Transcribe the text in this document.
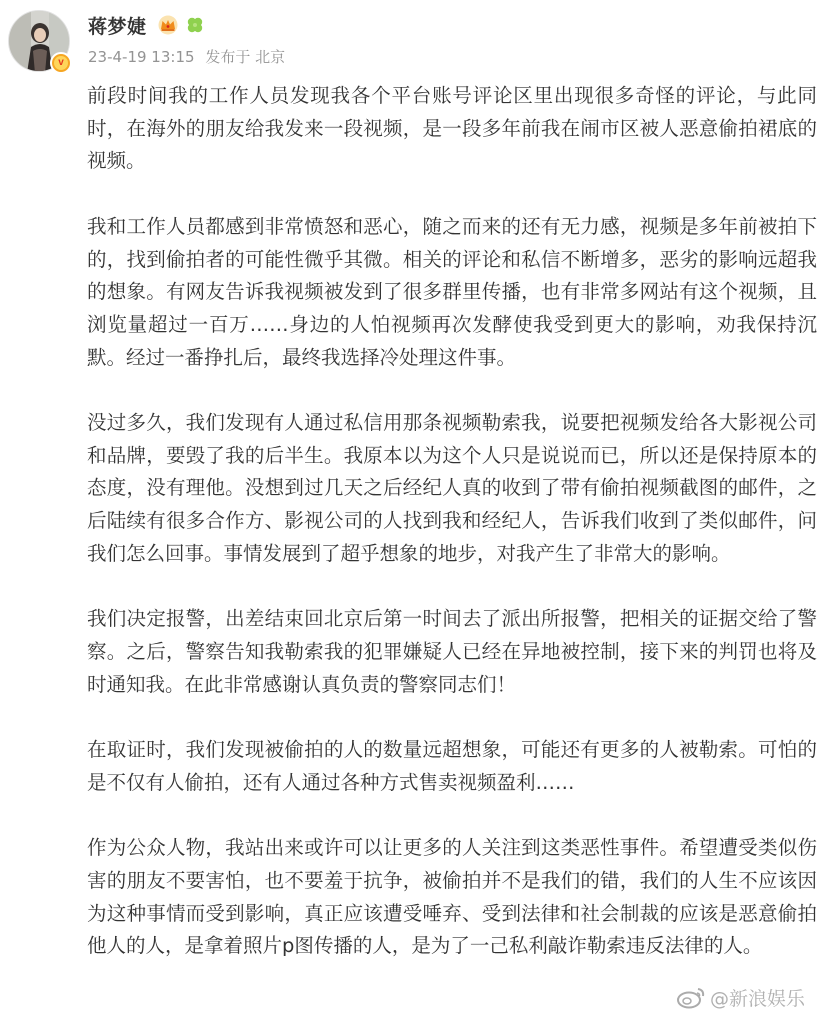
v
蒋梦婕
23-4-19 13:15 发布于 北京

前段时间我的工作人员发现我各个平台账号评论区里出现很多奇怪的评论，与此同时，在海外的朋友给我发来一段视频，是一段多年前我在闹市区被人恶意偷拍裙底的视频。

我和工作人员都感到非常愤怒和恶心，随之而来的还有无力感，视频是多年前被拍下的，找到偷拍者的可能性微乎其微。相关的评论和私信不断增多，恶劣的影响远超我的想象。有网友告诉我视频被发到了很多群里传播，也有非常多网站有这个视频，且浏览量超过一百万……身边的人怕视频再次发酵使我受到更大的影响，劝我保持沉默。经过一番挣扎后，最终我选择冷处理这件事。

没过多久，我们发现有人通过私信用那条视频勒索我，说要把视频发给各大影视公司和品牌，要毁了我的后半生。我原本以为这个人只是说说而已，所以还是保持原本的态度，没有理他。没想到过几天之后经纪人真的收到了带有偷拍视频截图的邮件，之后陆续有很多合作方、影视公司的人找到我和经纪人，告诉我们收到了类似邮件，问我们怎么回事。事情发展到了超乎想象的地步，对我产生了非常大的影响。

我们决定报警，出差结束回北京后第一时间去了派出所报警，把相关的证据交给了警察。之后，警察告知我勒索我的犯罪嫌疑人已经在异地被控制，接下来的判罚也将及时通知我。在此非常感谢认真负责的警察同志们！

在取证时，我们发现被偷拍的人的数量远超想象，可能还有更多的人被勒索。可怕的是不仅有人偷拍，还有人通过各种方式售卖视频盈利……

作为公众人物，我站出来或许可以让更多的人关注到这类恶性事件。希望遭受类似伤害的朋友不要害怕，也不要羞于抗争，被偷拍并不是我们的错，我们的人生不应该因为这种事情而受到影响，真正应该遭受唾弃、受到法律和社会制裁的应该是恶意偷拍他人的人，是拿着照片p图传播的人，是为了一己私利敲诈勒索违反法律的人。

@新浪娱乐
